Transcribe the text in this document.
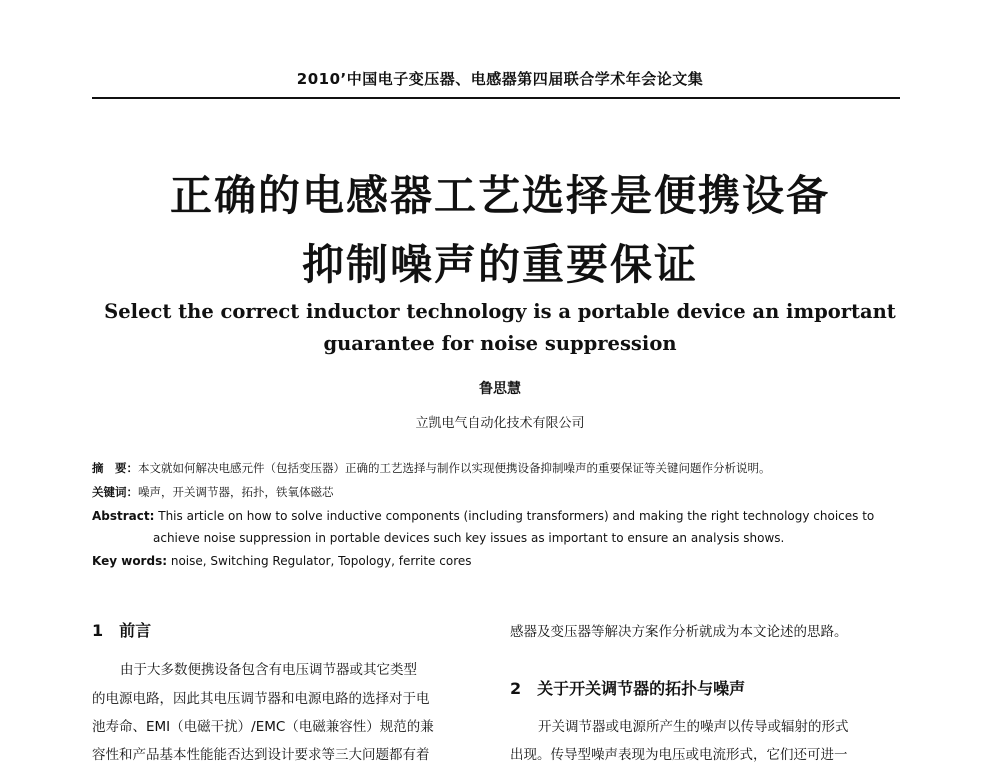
2010’中国电子变压器、电感器第四届联合学术年会论文集
正确的电感器工艺选择是便携设备
抑制噪声的重要保证
Select the correct inductor technology is a portable device an important
guarantee for noise suppression
鲁思慧
立凯电气自动化技术有限公司
摘　要：本文就如何解决电感元件（包括变压器）正确的工艺选择与制作以实现便携设备抑制噪声的重要保证等关键问题作分析说明。
关键词：噪声，开关调节器，拓扑，铁氧体磁芯
Abstract: This article on how to solve inductive components (including transformers) and making the right technology choices to
achieve noise suppression in portable devices such key issues as important to ensure an analysis shows.
Key words: noise, Switching Regulator, Topology, ferrite cores
1　前言
由于大多数便携设备包含有电压调节器或其它类型
的电源电路，因此其电压调节器和电源电路的选择对于电
池寿命、EMI（电磁干扰）/EMC（电磁兼容性）规范的兼
容性和产品基本性能能否达到设计要求等三大问题都有着
感器及变压器等解决方案作分析就成为本文论述的思路。
2　关于开关调节器的拓扑与噪声
开关调节器或电源所产生的噪声以传导或辐射的形式
出现。传导型噪声表现为电压或电流形式，它们还可进一
